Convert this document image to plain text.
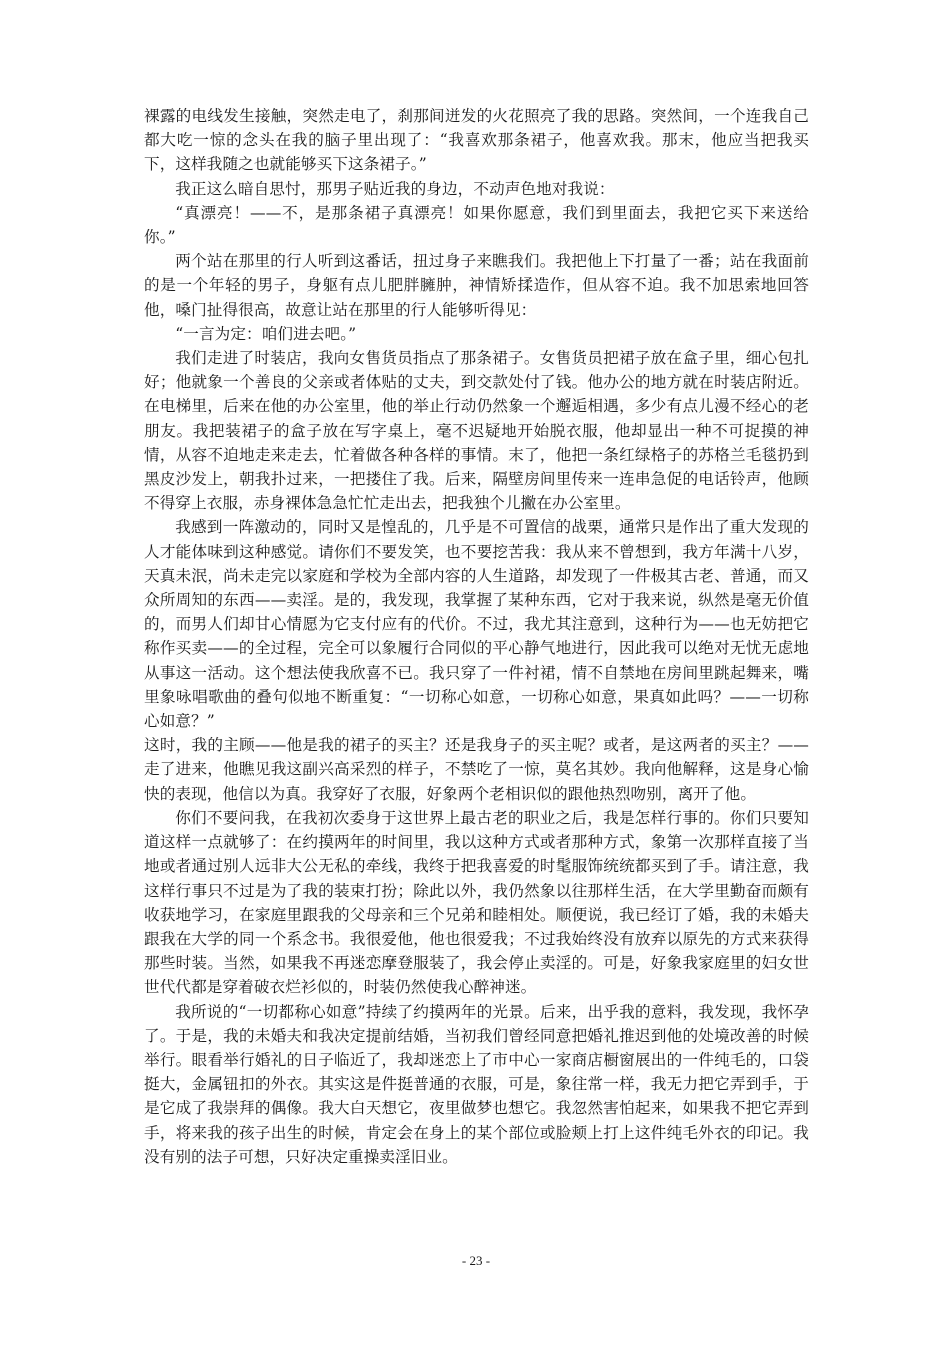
裸露的电线发生接触，突然走电了，刹那间迸发的火花照亮了我的思路。突然间，一个连我自己都大吃一惊的念头在我的脑子里出现了：“我喜欢那条裙子，他喜欢我。那末，他应当把我买下，这样我随之也就能够买下这条裙子。”

我正这么暗自思忖，那男子贴近我的身边，不动声色地对我说：

“真漂亮！——不，是那条裙子真漂亮！如果你愿意，我们到里面去，我把它买下来送给你。”

两个站在那里的行人听到这番话，扭过身子来瞧我们。我把他上下打量了一番；站在我面前的是一个年轻的男子，身躯有点儿肥胖臃肿，神情矫揉造作，但从容不迫。我不加思索地回答他，嗓门扯得很高，故意让站在那里的行人能够听得见：

“一言为定：咱们进去吧。”

我们走进了时装店，我向女售货员指点了那条裙子。女售货员把裙子放在盒子里，细心包扎好；他就象一个善良的父亲或者体贴的丈夫，到交款处付了钱。他办公的地方就在时装店附近。在电梯里，后来在他的办公室里，他的举止行动仍然象一个邂逅相遇，多少有点儿漫不经心的老朋友。我把装裙子的盒子放在写字桌上，毫不迟疑地开始脱衣服，他却显出一种不可捉摸的神情，从容不迫地走来走去，忙着做各种各样的事情。末了，他把一条红绿格子的苏格兰毛毯扔到黑皮沙发上，朝我扑过来，一把搂住了我。后来，隔壁房间里传来一连串急促的电话铃声，他顾不得穿上衣服，赤身裸体急急忙忙走出去，把我独个儿撇在办公室里。

我感到一阵激动的，同时又是惶乱的，几乎是不可置信的战栗，通常只是作出了重大发现的人才能体味到这种感觉。请你们不要发笑，也不要挖苦我：我从来不曾想到，我方年满十八岁，天真未泯，尚未走完以家庭和学校为全部内容的人生道路，却发现了一件极其古老、普通，而又众所周知的东西——卖淫。是的，我发现，我掌握了某种东西，它对于我来说，纵然是毫无价值的，而男人们却甘心情愿为它支付应有的代价。不过，我尤其注意到，这种行为——也无妨把它称作买卖——的全过程，完全可以象履行合同似的平心静气地进行，因此我可以绝对无忧无虑地从事这一活动。这个想法使我欣喜不已。我只穿了一件衬裙，情不自禁地在房间里跳起舞来，嘴里象咏唱歌曲的叠句似地不断重复：“一切称心如意，一切称心如意，果真如此吗？——一切称心如意？”

这时，我的主顾——他是我的裙子的买主？还是我身子的买主呢？或者，是这两者的买主？——走了进来，他瞧见我这副兴高采烈的样子，不禁吃了一惊，莫名其妙。我向他解释，这是身心愉快的表现，他信以为真。我穿好了衣服，好象两个老相识似的跟他热烈吻别，离开了他。

你们不要问我，在我初次委身于这世界上最古老的职业之后，我是怎样行事的。你们只要知道这样一点就够了：在约摸两年的时间里，我以这种方式或者那种方式，象第一次那样直接了当地或者通过别人远非大公无私的牵线，我终于把我喜爱的时髦服饰统统都买到了手。请注意，我这样行事只不过是为了我的装束打扮；除此以外，我仍然象以往那样生活，在大学里勤奋而颇有收获地学习，在家庭里跟我的父母亲和三个兄弟和睦相处。顺便说，我已经订了婚，我的未婚夫跟我在大学的同一个系念书。我很爱他，他也很爱我；不过我始终没有放弃以原先的方式来获得那些时装。当然，如果我不再迷恋摩登服装了，我会停止卖淫的。可是，好象我家庭里的妇女世世代代都是穿着破衣烂衫似的，时装仍然使我心醉神迷。

我所说的“一切都称心如意”持续了约摸两年的光景。后来，出乎我的意料，我发现，我怀孕了。于是，我的未婚夫和我决定提前结婚，当初我们曾经同意把婚礼推迟到他的处境改善的时候举行。眼看举行婚礼的日子临近了，我却迷恋上了市中心一家商店橱窗展出的一件纯毛的，口袋挺大，金属钮扣的外衣。其实这是件挺普通的衣服，可是，象往常一样，我无力把它弄到手，于是它成了我崇拜的偶像。我大白天想它，夜里做梦也想它。我忽然害怕起来，如果我不把它弄到手，将来我的孩子出生的时候，肯定会在身上的某个部位或脸颊上打上这件纯毛外衣的印记。我没有别的法子可想，只好决定重操卖淫旧业。

- 23 -
